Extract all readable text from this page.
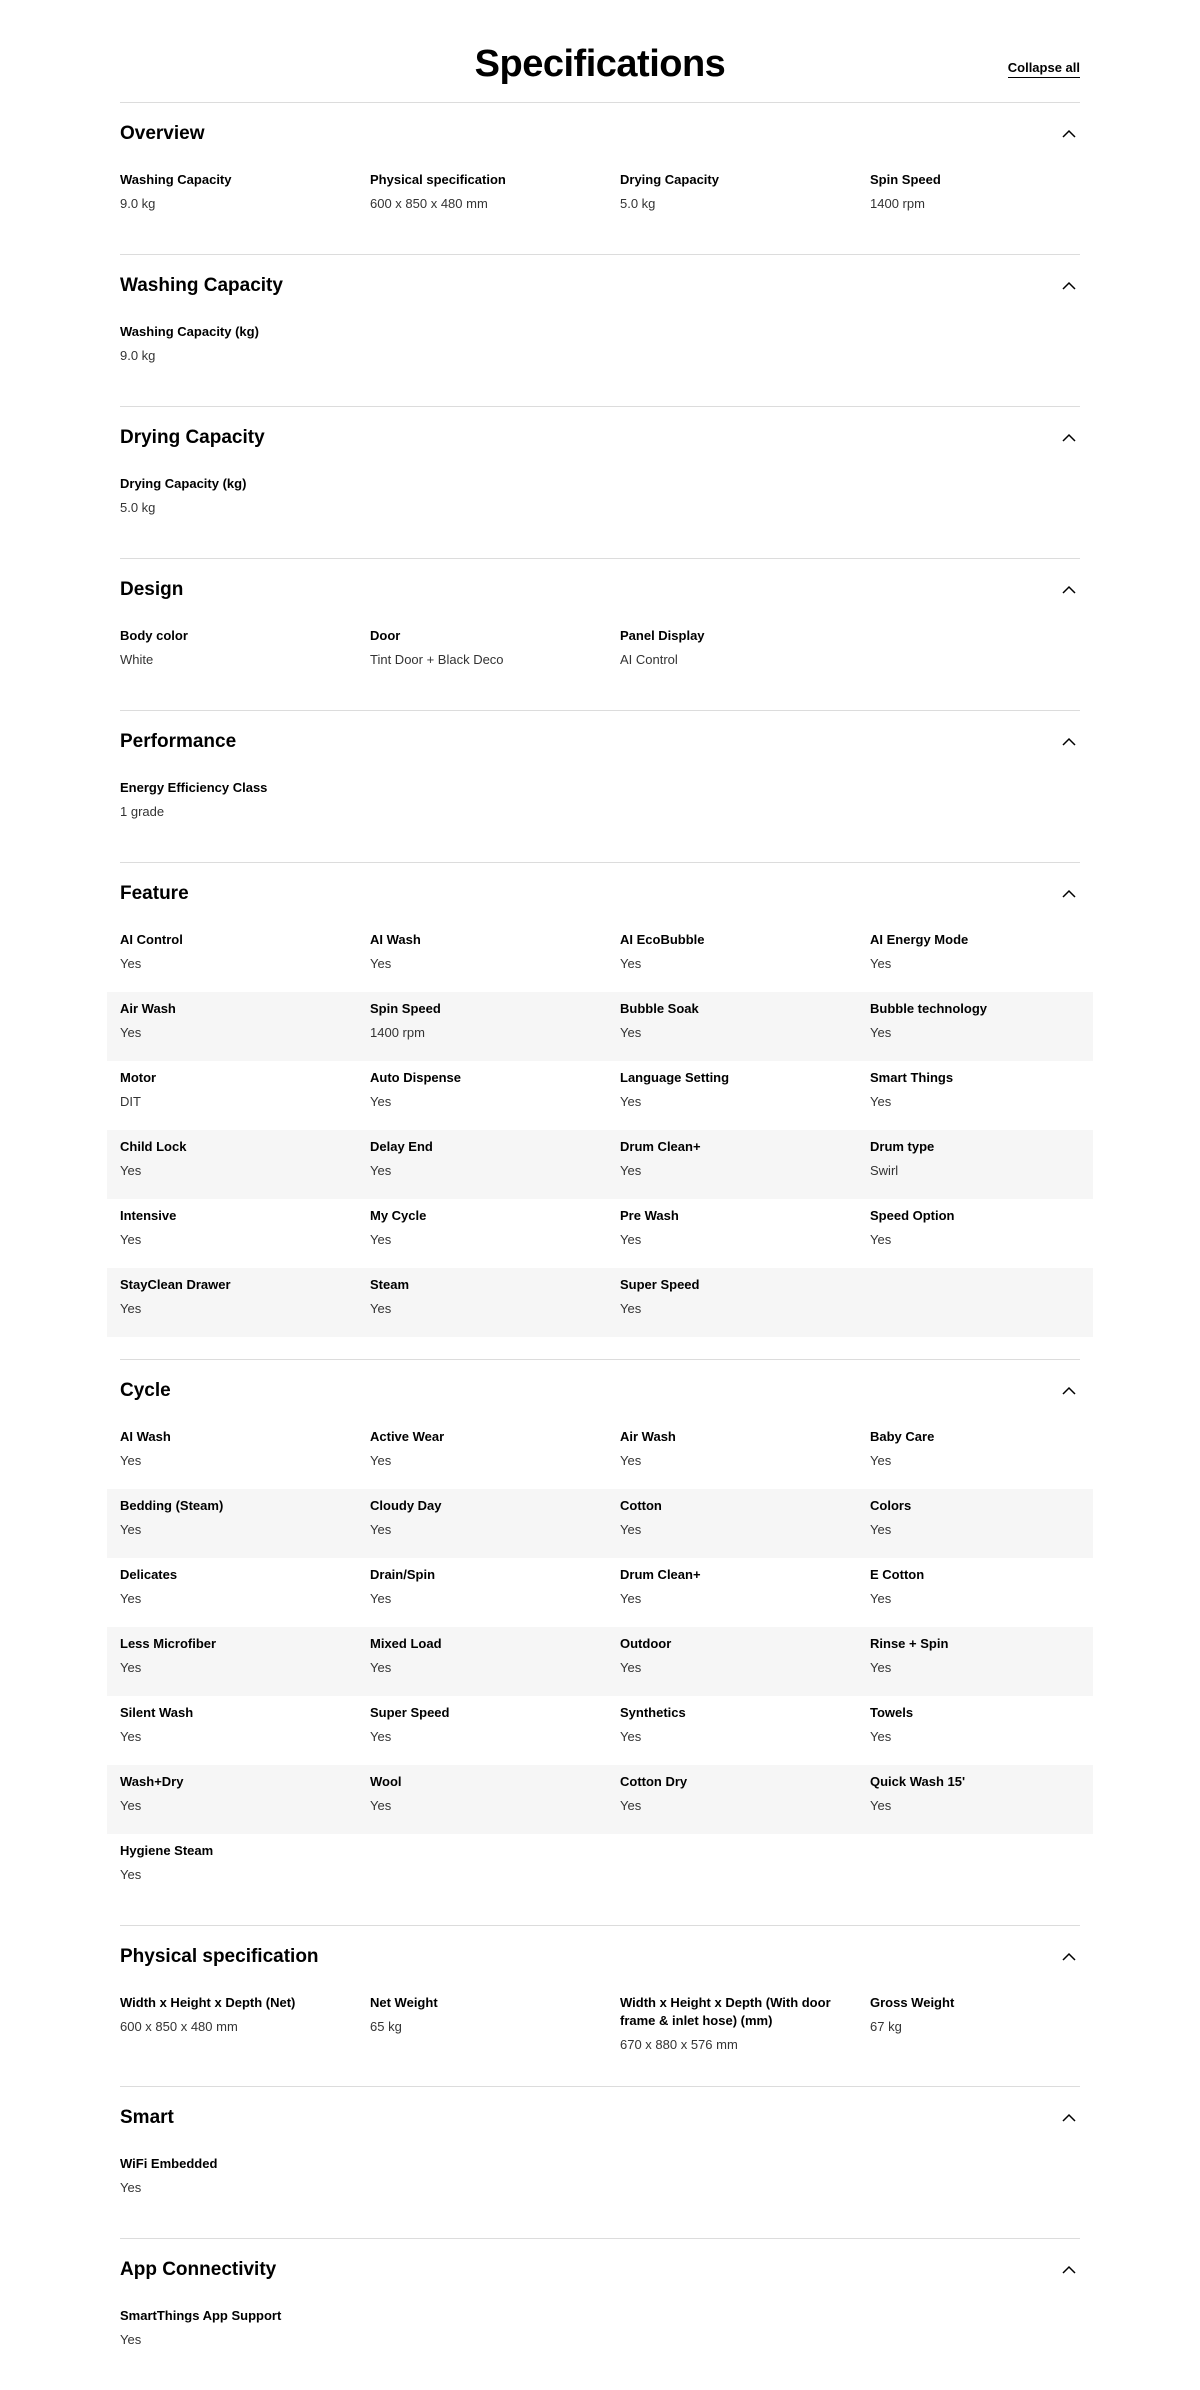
Specifications	Collapse all
Overview
Washing Capacity
9.0 kg
Physical specification
600 x 850 x 480 mm
Drying Capacity
5.0 kg
Spin Speed
1400 rpm
Washing Capacity
Washing Capacity (kg)
9.0 kg
Drying Capacity
Drying Capacity (kg)
5.0 kg
Design
Body color
White
Door
Tint Door + Black Deco
Panel Display
AI Control
Performance
Energy Efficiency Class
1 grade
Feature
AI Control
Yes
AI Wash
Yes
AI EcoBubble
Yes
AI Energy Mode
Yes
Air Wash
Yes
Spin Speed
1400 rpm
Bubble Soak
Yes
Bubble technology
Yes
Motor
DIT
Auto Dispense
Yes
Language Setting
Yes
Smart Things
Yes
Child Lock
Yes
Delay End
Yes
Drum Clean+
Yes
Drum type
Swirl
Intensive
Yes
My Cycle
Yes
Pre Wash
Yes
Speed Option
Yes
StayClean Drawer
Yes
Steam
Yes
Super Speed
Yes
Cycle
AI Wash
Yes
Active Wear
Yes
Air Wash
Yes
Baby Care
Yes
Bedding (Steam)
Yes
Cloudy Day
Yes
Cotton
Yes
Colors
Yes
Delicates
Yes
Drain/Spin
Yes
Drum Clean+
Yes
E Cotton
Yes
Less Microfiber
Yes
Mixed Load
Yes
Outdoor
Yes
Rinse + Spin
Yes
Silent Wash
Yes
Super Speed
Yes
Synthetics
Yes
Towels
Yes
Wash+Dry
Yes
Wool
Yes
Cotton Dry
Yes
Quick Wash 15'
Yes
Hygiene Steam
Yes
Physical specification
Width x Height x Depth (Net)
600 x 850 x 480 mm
Net Weight
65 kg
Width x Height x Depth (With door frame & inlet hose) (mm)
670 x 880 x 576 mm
Gross Weight
67 kg
Smart
WiFi Embedded
Yes
App Connectivity
SmartThings App Support
Yes
